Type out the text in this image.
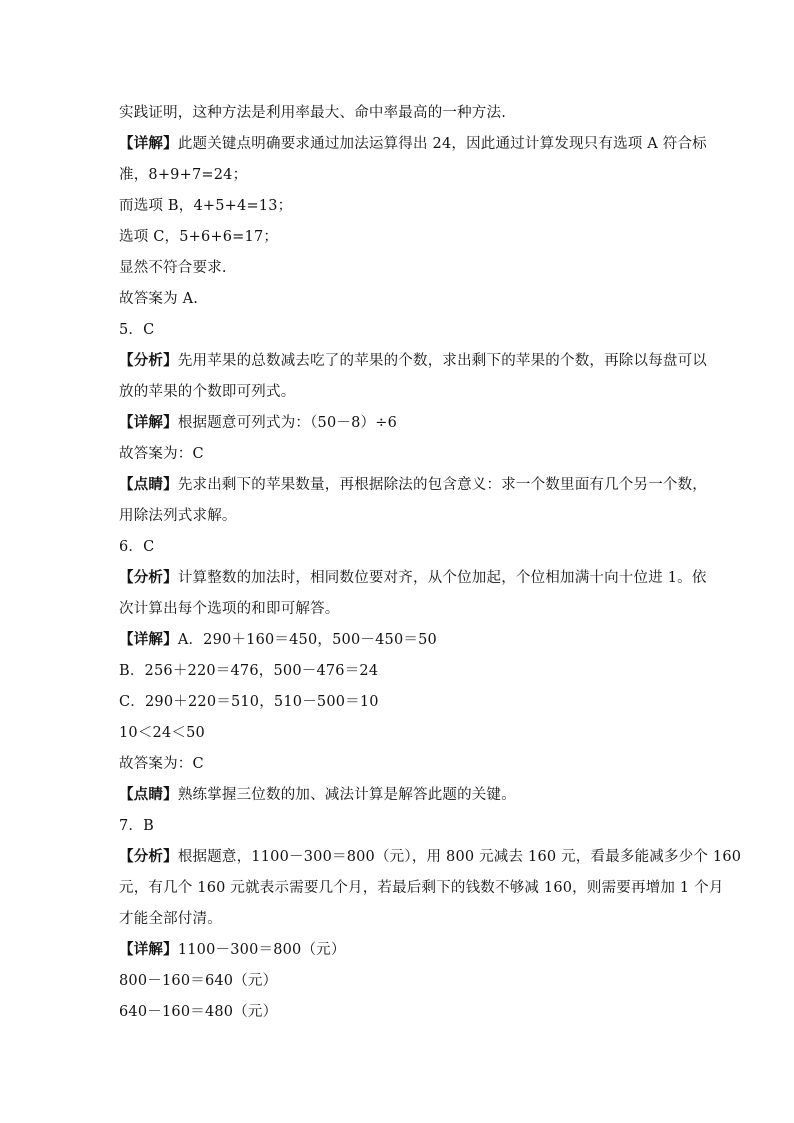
实践证明，这种方法是利用率最大、命中率最高的一种方法.
【详解】此题关键点明确要求通过加法运算得出 24，因此通过计算发现只有选项 A 符合标
准，8+9+7=24；
而选项 B，4+5+4=13；
选项 C，5+6+6=17；
显然不符合要求.
故答案为 A.
5．C
【分析】先用苹果的总数减去吃了的苹果的个数，求出剩下的苹果的个数，再除以每盘可以
放的苹果的个数即可列式。
【详解】根据题意可列式为：（50－8）÷6
故答案为：C
【点睛】先求出剩下的苹果数量，再根据除法的包含意义：求一个数里面有几个另一个数，
用除法列式求解。
6．C
【分析】计算整数的加法时，相同数位要对齐，从个位加起，个位相加满十向十位进 1。依
次计算出每个选项的和即可解答。
【详解】A．290＋160＝450，500－450＝50
B．256＋220＝476，500－476＝24
C．290＋220＝510，510－500＝10
10＜24＜50
故答案为：C
【点睛】熟练掌握三位数的加、减法计算是解答此题的关键。
7．B
【分析】根据题意，1100－300＝800（元），用 800 元减去 160 元，看最多能减多少个 160
元，有几个 160 元就表示需要几个月，若最后剩下的钱数不够减 160，则需要再增加 1 个月
才能全部付清。
【详解】1100－300＝800（元）
800－160＝640（元）
640－160＝480（元）
